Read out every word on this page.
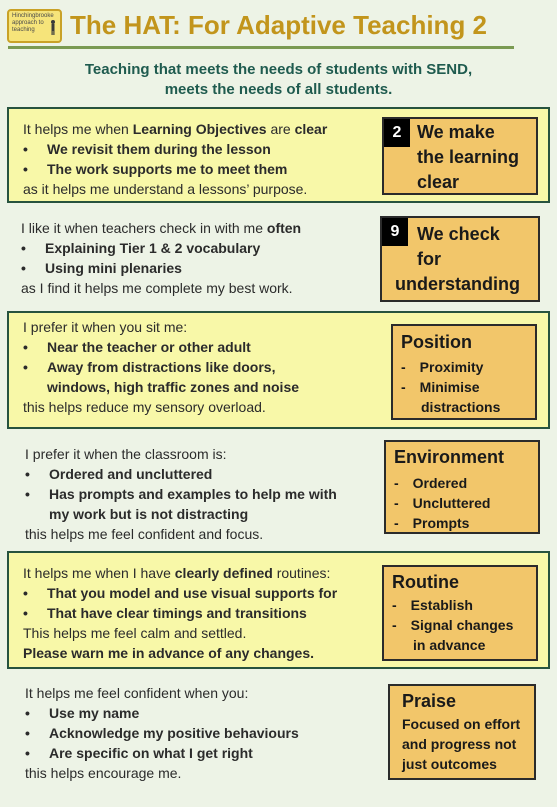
Hinchingbrooke approach to teaching	The HAT: For Adaptive Teaching 2
Teaching that meets the needs of students with SEND,
meets the needs of all students.
It helps me when Learning Objectives are clear
• We revisit them during the lesson
• The work supports me to meet them
as it helps me understand a lessons’ purpose.
2 We make
the learning
clear
I like it when teachers check in with me often
• Explaining Tier 1 & 2 vocabulary
• Using mini plenaries
as I find it helps me complete my best work.
9 We check
for
understanding
I prefer it when you sit me:
• Near the teacher or other adult
• Away from distractions like doors,
windows, high traffic zones and noise
this helps reduce my sensory overload.
Position
- Proximity
- Minimise
distractions
I prefer it when the classroom is:
• Ordered and uncluttered
• Has prompts and examples to help me with
my work but is not distracting
this helps me feel confident and focus.
Environment
- Ordered
- Uncluttered
- Prompts
It helps me when I have clearly defined routines:
• That you model and use visual supports for
• That have clear timings and transitions
This helps me feel calm and settled.
Please warn me in advance of any changes.
Routine
- Establish
- Signal changes
in advance
It helps me feel confident when you:
• Use my name
• Acknowledge my positive behaviours
• Are specific on what I get right
this helps encourage me.
Praise
Focused on effort
and progress not
just outcomes
